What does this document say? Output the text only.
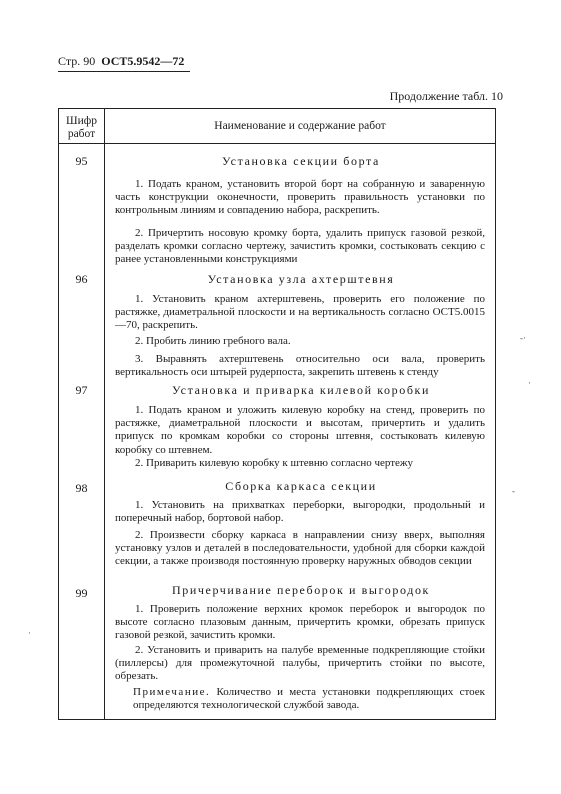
Стр. 90 ОСТ5.9542—72
Продолжение табл. 10
Шифр работ
Наименование и содержание работ
95	Установка секции борта
1. Подать краном, установить второй борт на собранную и заваренную часть конструкции оконечности, проверить правильность установки по контрольным линиям и совпадению набора, раскрепить.
2. Причертить носовую кромку борта, удалить припуск газовой резкой, разделать кромки согласно чертежу, зачистить кромки, состыковать секцию с ранее установленными конструкциями
96	Установка узла ахтерштевня
1. Установить краном ахтерштевень, проверить его положение по растяжке, диаметральной плоскости и на вертикальность согласно ОСТ5.0015—70, раскрепить.
2. Пробить линию гребного вала.
3. Выравнять ахтерштевень относительно оси вала, проверить вертикальность оси штырей рудерпоста, закрепить штевень к стенду
97	Установка и приварка килевой коробки
1. Подать краном и уложить килевую коробку на стенд, проверить по растяжке, диаметральной плоскости и высотам, причертить и удалить припуск по кромкам коробки со стороны штевня, состыковать килевую коробку со штевнем.
2. Приварить килевую коробку к штевню согласно чертежу
98	Сборка каркаса секции
1. Установить на прихватках переборки, выгородки, продольный и поперечный набор, бортовой набор.
2. Произвести сборку каркаса в направлении снизу вверх, выполняя установку узлов и деталей в последовательности, удобной для сборки каждой секции, а также производя постоянную проверку наружных обводов секции
99	Причерчивание переборок и выгородок
1. Проверить положение верхних кромок переборок и выгородок по высоте согласно плазовым данным, причертить кромки, обрезать припуск газовой резкой, зачистить кромки.
2. Установить и приварить на палубе временные подкрепляющие стойки (пиллерсы) для промежуточной палубы, причертить стойки по высоте, обрезать.
Примечание. Количество и места установки подкрепляющих стоек определяются технологической службой завода.
-·
·
-
·
